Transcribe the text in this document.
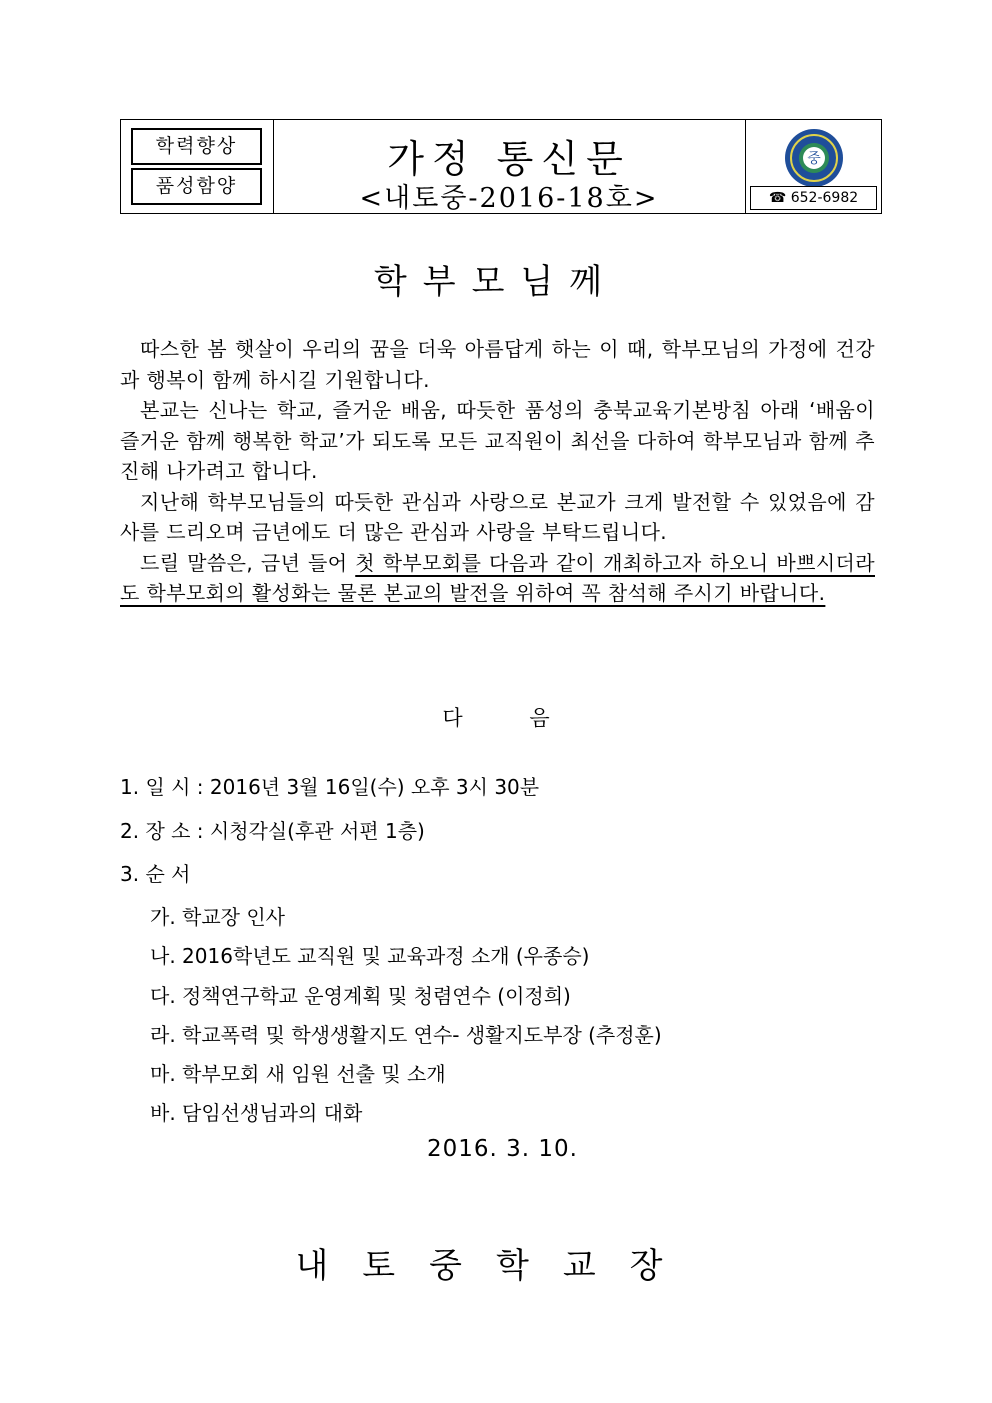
학력향상
품성함양
가정 통신문
<내토중-2016-18호>
중
☎ 652-6982
학부모님께

따스한 봄 햇살이 우리의 꿈을 더욱 아름답게 하는 이 때, 학부모님의 가정에 건강과 행복이 함께 하시길 기원합니다.

본교는 신나는 학교, 즐거운 배움, 따듯한 품성의 충북교육기본방침 아래 ‘배움이 즐거운 함께 행복한 학교’가 되도록 모든 교직원이 최선을 다하여 학부모님과 함께 추진해 나가려고 합니다.

지난해 학부모님들의 따듯한 관심과 사랑으로 본교가 크게 발전할 수 있었음에 감사를 드리오며 금년에도 더 많은 관심과 사랑을 부탁드립니다.

드릴 말씀은, 금년 들어 첫 학부모회를 다음과 같이 개최하고자 하오니 바쁘시더라도 학부모회의 활성화는 물론 본교의 발전을 위하여 꼭 참석해 주시기 바랍니다.

다 음
1. 일 시 : 2016년 3월 16일(수) 오후 3시 30분
2. 장 소 : 시청각실(후관 서편 1층)
3. 순 서
가. 학교장 인사
나. 2016학년도 교직원 및 교육과정 소개 (우종승)
다. 정책연구학교 운영계획 및 청렴연수 (이정희)
라. 학교폭력 및 학생생활지도 연수- 생활지도부장 (추정훈)
마. 학부모회 새 임원 선출 및 소개
바. 담임선생님과의 대화
2016. 3. 10.
내토중학교장
